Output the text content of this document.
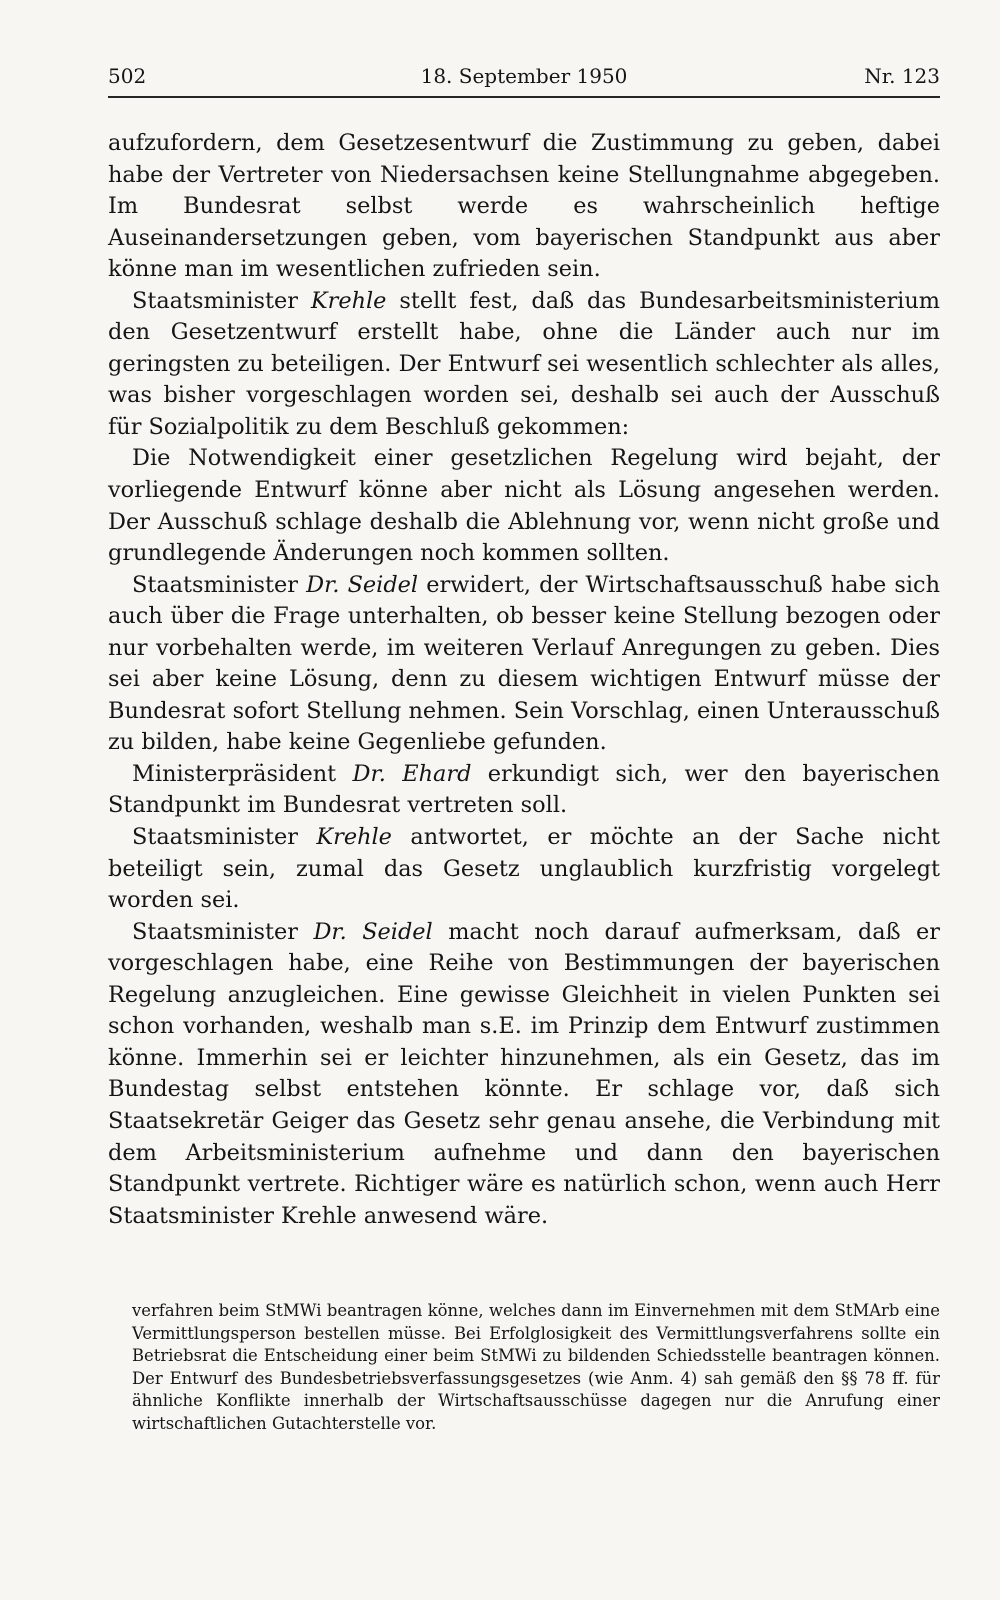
502	18. September 1950	Nr. 123

aufzufordern, dem Gesetzesentwurf die Zustimmung zu geben, dabei habe der Vertreter von Niedersachsen keine Stellungnahme abgegeben. Im Bundesrat selbst werde es wahrscheinlich heftige Auseinandersetzungen geben, vom bayerischen Standpunkt aus aber könne man im wesentlichen zufrieden sein.

Staatsminister Krehle stellt fest, daß das Bundesarbeitsministerium den Gesetzentwurf erstellt habe, ohne die Länder auch nur im geringsten zu beteiligen. Der Entwurf sei wesentlich schlechter als alles, was bisher vorgeschlagen worden sei, deshalb sei auch der Ausschuß für Sozialpolitik zu dem Beschluß gekommen:

Die Notwendigkeit einer gesetzlichen Regelung wird bejaht, der vorliegende Entwurf könne aber nicht als Lösung angesehen werden. Der Ausschuß schlage deshalb die Ablehnung vor, wenn nicht große und grundlegende Änderungen noch kommen sollten.

Staatsminister Dr. Seidel erwidert, der Wirtschaftsausschuß habe sich auch über die Frage unterhalten, ob besser keine Stellung bezogen oder nur vorbehalten werde, im weiteren Verlauf Anregungen zu geben. Dies sei aber keine Lösung, denn zu diesem wichtigen Entwurf müsse der Bundesrat sofort Stellung nehmen. Sein Vorschlag, einen Unterausschuß zu bilden, habe keine Gegenliebe gefunden.

Ministerpräsident Dr. Ehard erkundigt sich, wer den bayerischen Standpunkt im Bundesrat vertreten soll.

Staatsminister Krehle antwortet, er möchte an der Sache nicht beteiligt sein, zumal das Gesetz unglaublich kurzfristig vorgelegt worden sei.

Staatsminister Dr. Seidel macht noch darauf aufmerksam, daß er vorgeschlagen habe, eine Reihe von Bestimmungen der bayerischen Regelung anzugleichen. Eine gewisse Gleichheit in vielen Punkten sei schon vorhanden, weshalb man s.E. im Prinzip dem Entwurf zustimmen könne. Immerhin sei er leichter hinzunehmen, als ein Gesetz, das im Bundestag selbst entstehen könnte. Er schlage vor, daß sich Staatsekretär Geiger das Gesetz sehr genau ansehe, die Verbindung mit dem Arbeitsministerium aufnehme und dann den bayerischen Standpunkt vertrete. Richtiger wäre es natürlich schon, wenn auch Herr Staatsminister Krehle anwesend wäre.

verfahren beim StMWi beantragen könne, welches dann im Einvernehmen mit dem StMArb eine Vermittlungsperson bestellen müsse. Bei Erfolglosigkeit des Vermittlungsverfahrens sollte ein Betriebsrat die Entscheidung einer beim StMWi zu bildenden Schiedsstelle beantragen können. Der Entwurf des Bundesbetriebsverfassungsgesetzes (wie Anm. 4) sah gemäß den §§ 78 ff. für ähnliche Konflikte innerhalb der Wirtschaftsausschüsse dagegen nur die Anrufung einer wirtschaftlichen Gutachterstelle vor.
